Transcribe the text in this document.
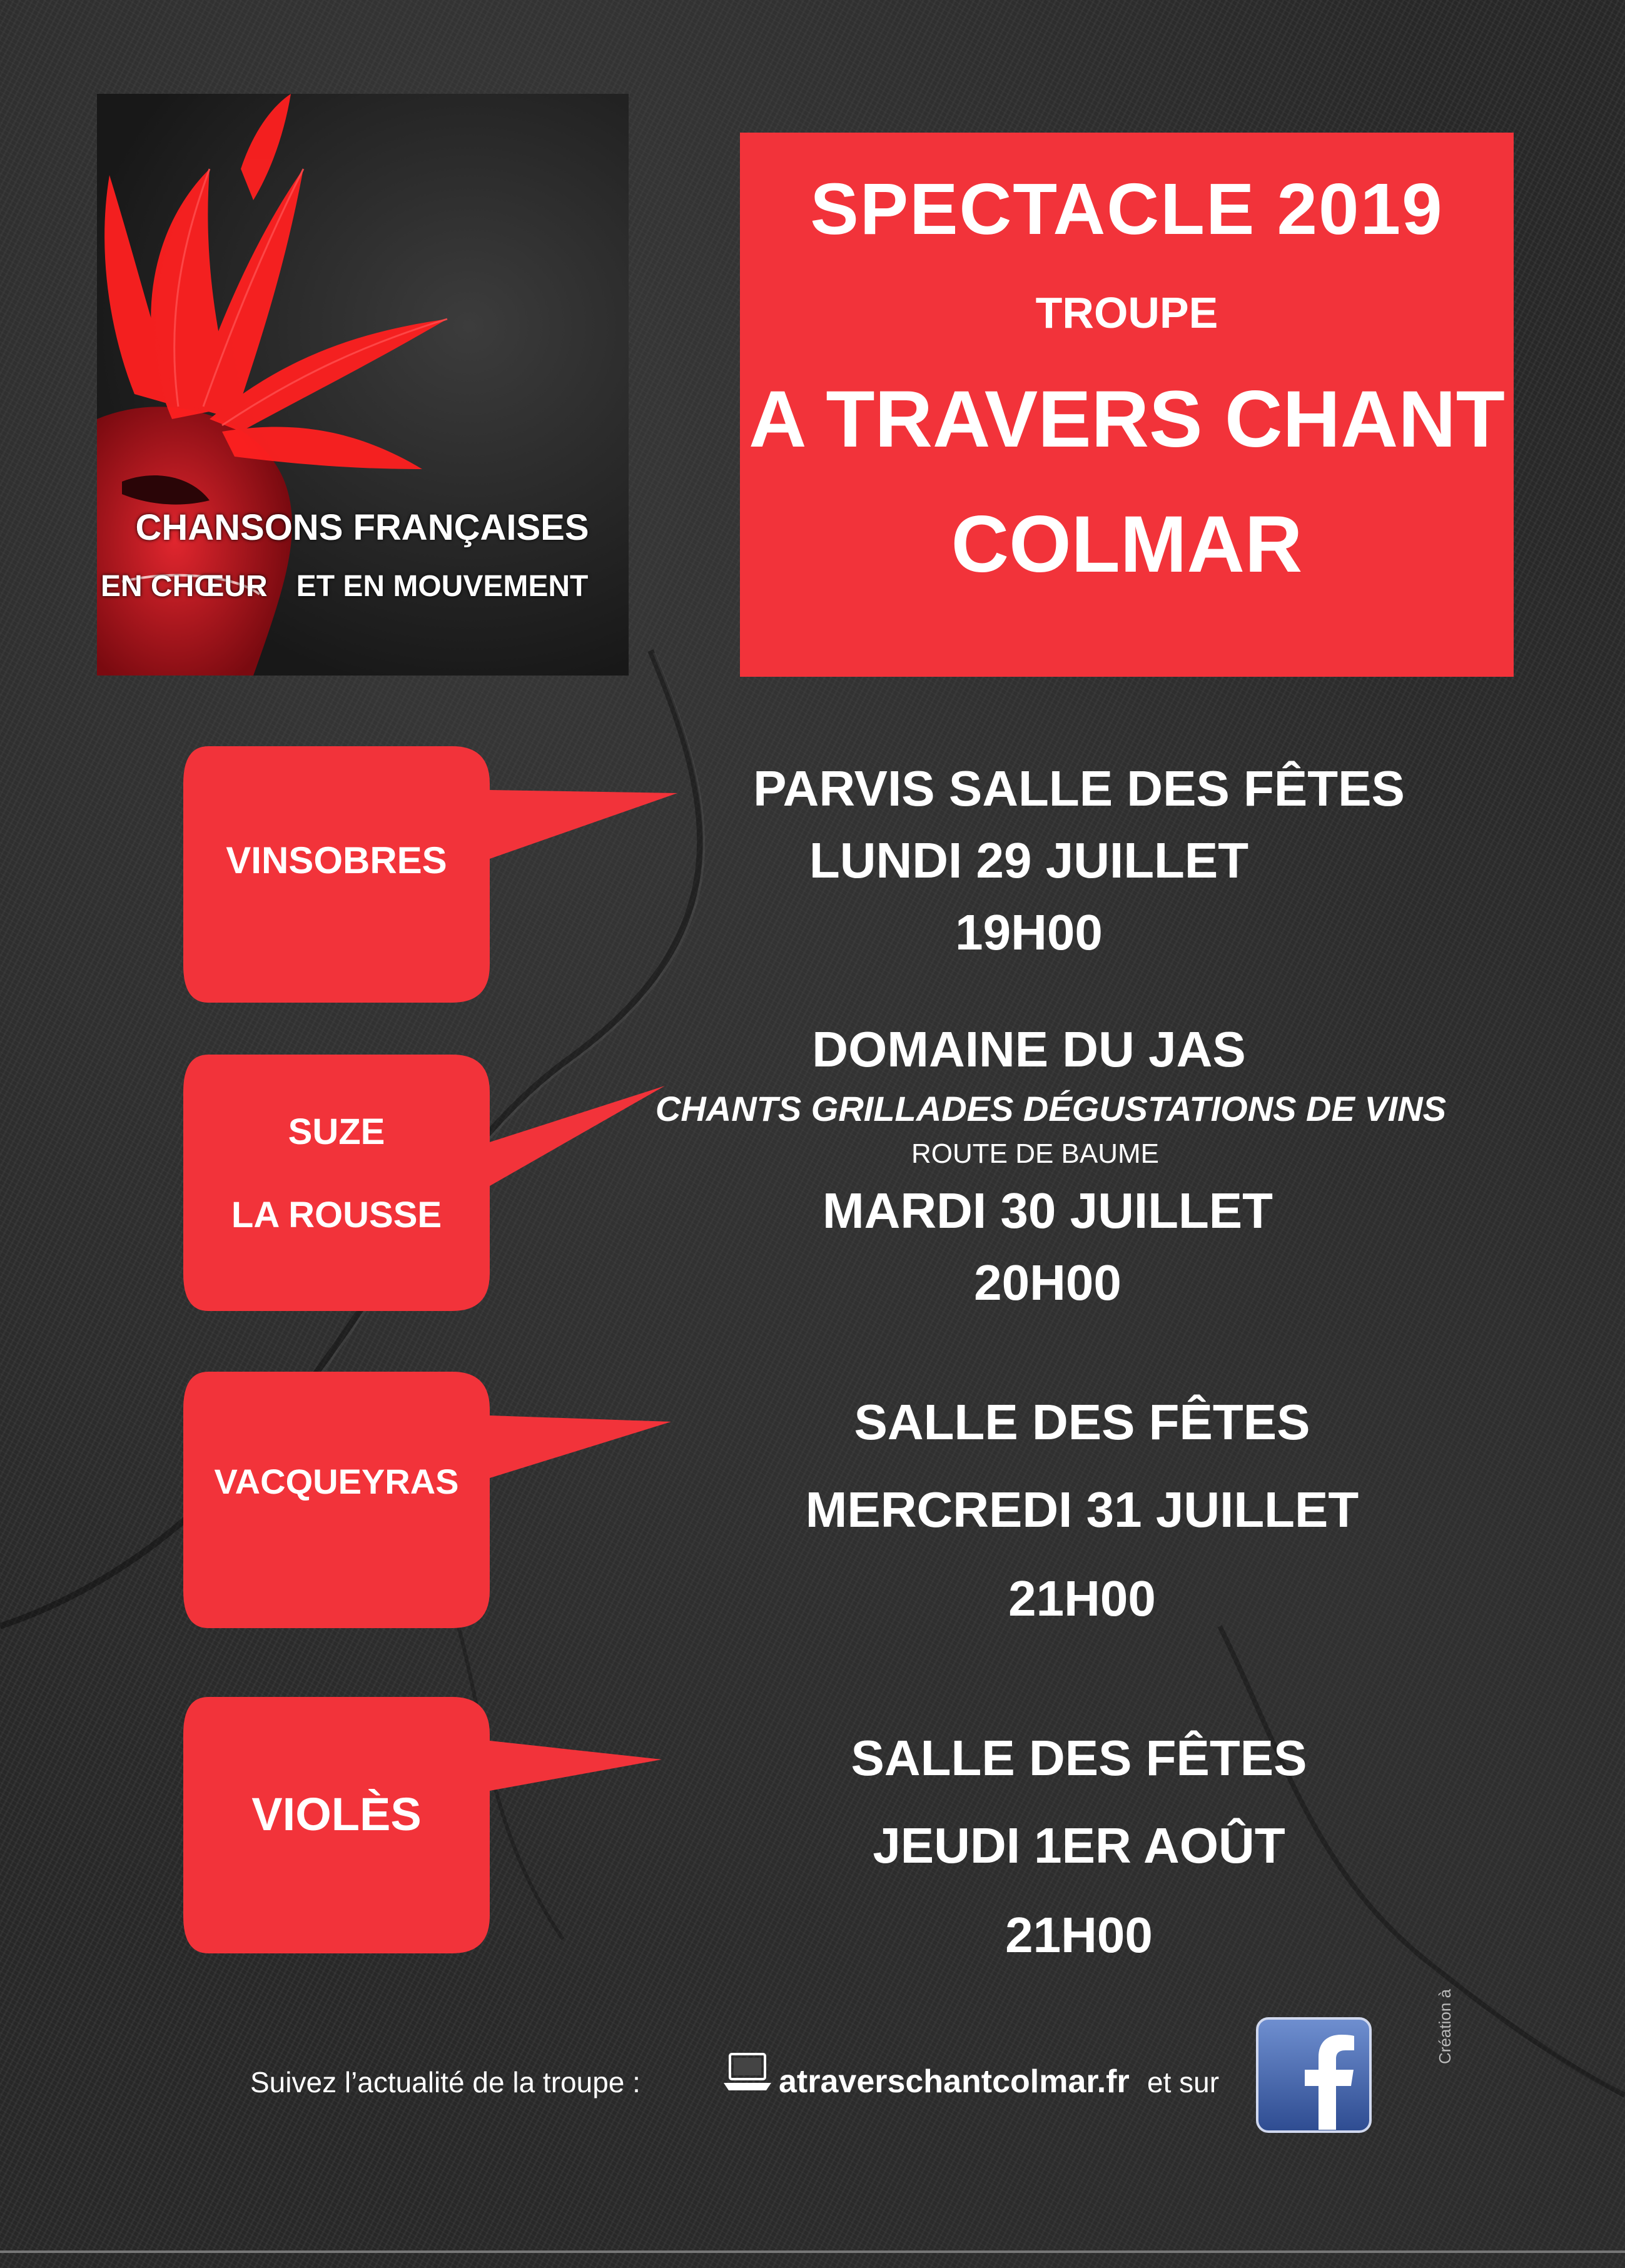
CHANSONS FRANÇAISES
EN CHŒUR ET EN MOUVEMENT
SPECTACLE 2019
TROUPE
A TRAVERS CHANT
COLMAR
VINSOBRES
SUZE
LA ROUSSE
VACQUEYRAS
VIOLÈS
PARVIS SALLE DES FÊTES
LUNDI 29 JUILLET
19H00
DOMAINE DU JAS
CHANTS GRILLADES DÉGUSTATIONS DE VINS
ROUTE DE BAUME
MARDI 30 JUILLET
20H00
SALLE DES FÊTES
MERCREDI 31 JUILLET
21H00
SALLE DES FÊTES
JEUDI 1ER AOÛT
21H00
Suivez l’actualité de la troupe :	atraverschantcolmar.fr et sur
Création à
